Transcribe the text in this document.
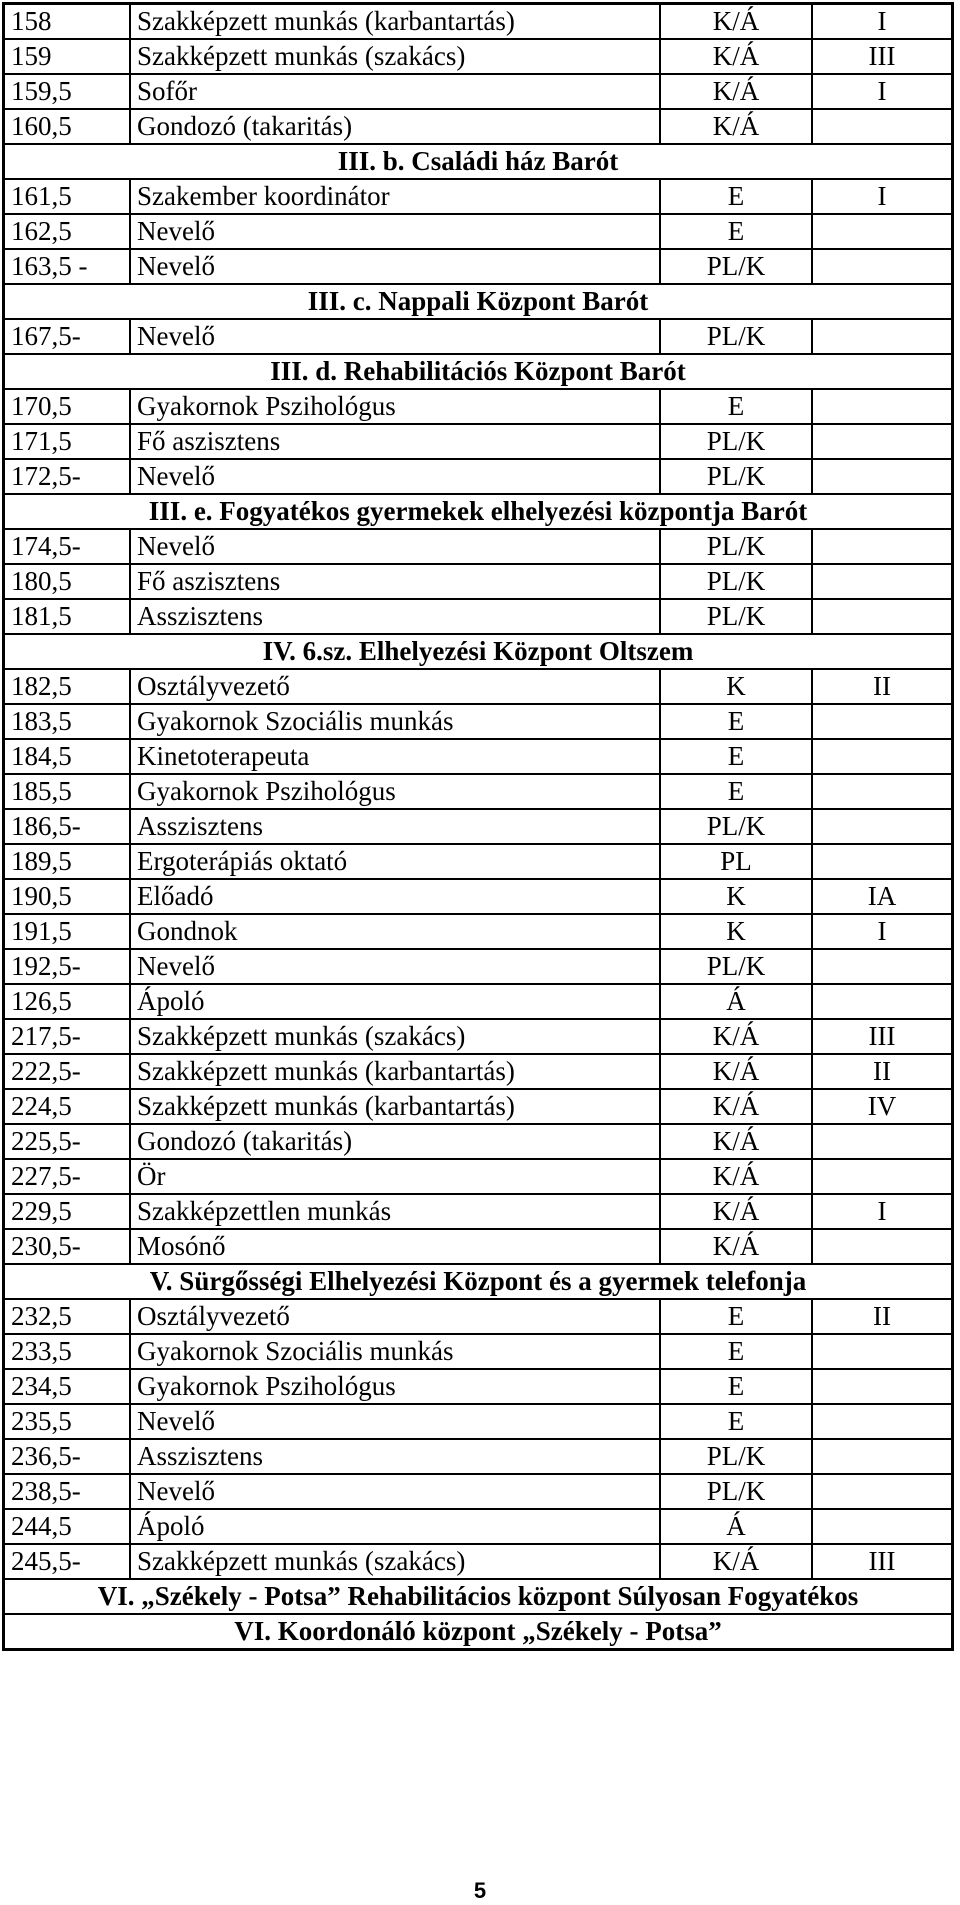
158	Szakképzett munkás (karbantartás)	K/Á	I
159	Szakképzett munkás (szakács)	K/Á	III
159,5	Sofőr	K/Á	I
160,5	Gondozó (takaritás)	K/Á	
III. b. Családi ház Barót			
161,5	Szakember koordinátor	E	I
162,5	Nevelő	E	
163,5 -	Nevelő	PL/K	
III. c. Nappali Központ Barót			
167,5-	Nevelő	PL/K	
III. d. Rehabilitációs Központ Barót			
170,5	Gyakornok Pszihológus	E	
171,5	Fő aszisztens	PL/K	
172,5-	Nevelő	PL/K	
III. e. Fogyatékos gyermekek elhelyezési központja Barót			
174,5-	Nevelő	PL/K	
180,5	Fő aszisztens	PL/K	
181,5	Asszisztens	PL/K	
IV. 6.sz. Elhelyezési Központ Oltszem			
182,5	Osztályvezető	K	II
183,5	Gyakornok Szociális munkás	E	
184,5	Kinetoterapeuta	E	
185,5	Gyakornok Pszihológus	E	
186,5-	Asszisztens	PL/K	
189,5	Ergoterápiás oktató	PL	
190,5	Előadó	K	IA
191,5	Gondnok	K	I
192,5-	Nevelő	PL/K	
126,5	Ápoló	Á	
217,5-	Szakképzett munkás (szakács)	K/Á	III
222,5-	Szakképzett munkás (karbantartás)	K/Á	II
224,5	Szakképzett munkás (karbantartás)	K/Á	IV
225,5-	Gondozó (takaritás)	K/Á	
227,5-	Ör	K/Á	
229,5	Szakképzettlen munkás	K/Á	I
230,5-	Mosónő	K/Á	
V. Sürgősségi Elhelyezési Központ és a gyermek telefonja			
232,5	Osztályvezető	E	II
233,5	Gyakornok Szociális munkás	E	
234,5	Gyakornok Pszihológus	E	
235,5	Nevelő	E	
236,5-	Asszisztens	PL/K	
238,5-	Nevelő	PL/K	
244,5	Ápoló	Á	
245,5-	Szakképzett munkás (szakács)	K/Á	III
VI. „Székely - Potsa” Rehabilitácios központ Súlyosan Fogyatékos			
VI. Koordonáló központ „Székely - Potsa”			
5
